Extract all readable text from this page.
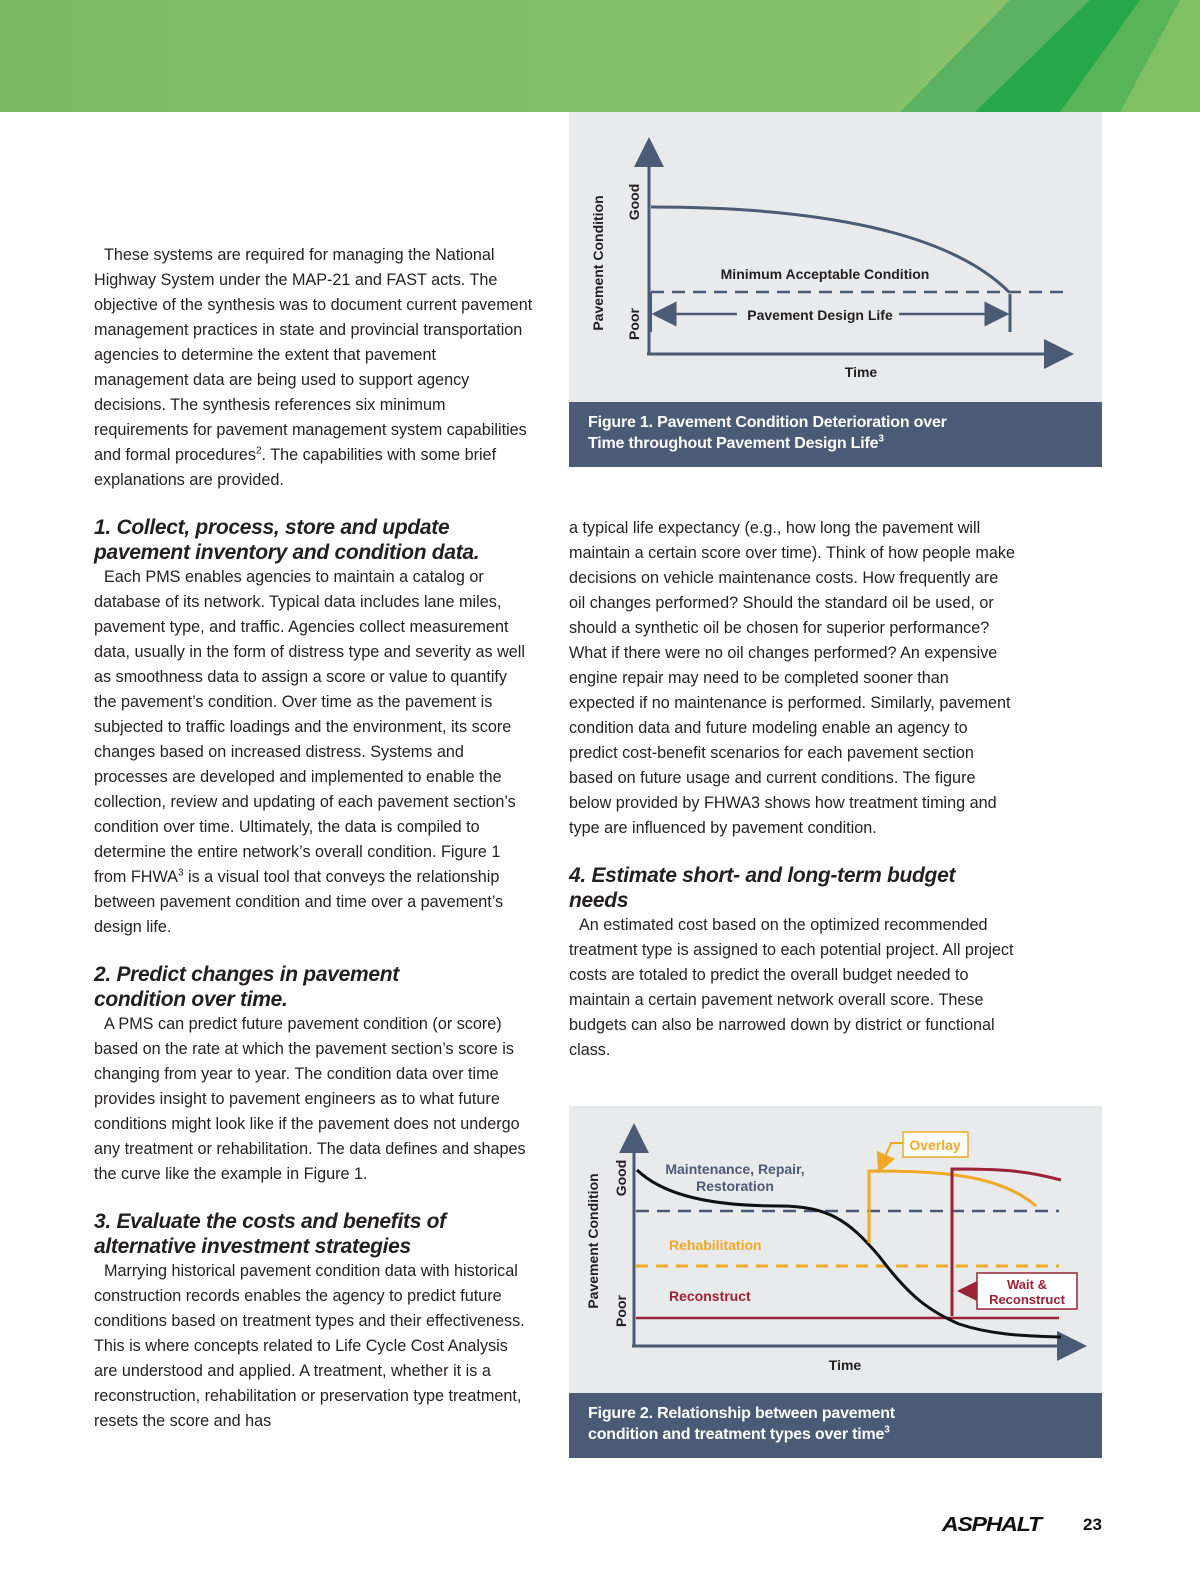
These systems are required for managing the National Highway System under the MAP-21 and FAST acts. The objective of the synthesis was to document current pavement management practices in state and provincial transportation agencies to determine the extent that pavement management data are being used to support agency decisions. The synthesis references six minimum requirements for pavement management system capabilities and formal procedures$^2$. The capabilities with some brief explanations are provided.

1. Collect, process, store and update
pavement inventory and condition data.

Each PMS enables agencies to maintain a catalog or database of its network. Typical data includes lane miles, pavement type, and traffic. Agencies collect measurement data, usually in the form of distress type and severity as well as smoothness data to assign a score or value to quantify the pavement’s condition. Over time as the pavement is subjected to traffic loadings and the environment, its score changes based on increased distress. Systems and processes are developed and implemented to enable the collection, review and updating of each pavement section’s condition over time. Ultimately, the data is compiled to determine the entire network’s overall condition. Figure 1 from FHWA$^3$ is a visual tool that conveys the relationship between pavement condition and time over a pavement’s design life.

2. Predict changes in pavement
condition over time.

A PMS can predict future pavement condition (or score) based on the rate at which the pavement section’s score is changing from year to year. The condition data over time provides insight to pavement engineers as to what future conditions might look like if the pavement does not undergo any treatment or rehabilitation. The data defines and shapes the curve like the example in Figure 1.

3. Evaluate the costs and benefits of
alternative investment strategies

Marrying historical pavement condition data with historical construction records enables the agency to predict future conditions based on treatment types and their effectiveness. This is where concepts related to Life Cycle Cost Analysis are understood and applied. A treatment, whether it is a reconstruction, rehabilitation or preservation type treatment, resets the score and has

a typical life expectancy (e.g., how long the pavement will maintain a certain score over time). Think of how people make decisions on vehicle maintenance costs. How frequently are oil changes performed? Should the standard oil be used, or should a synthetic oil be chosen for superior performance? What if there were no oil changes performed? An expensive engine repair may need to be completed sooner than expected if no maintenance is performed. Similarly, pavement condition data and future modeling enable an agency to predict cost-benefit scenarios for each pavement section based on future usage and current conditions. The figure below provided by FHWA3 shows how treatment timing and type are influenced by pavement condition.

4. Estimate short- and long-term budget needs

An estimated cost based on the optimized recommended treatment type is assigned to each potential project. All project costs are totaled to predict the overall budget needed to maintain a certain pavement network overall score. These budgets can also be narrowed down by district or functional class.

Minimum Acceptable Condition
Pavement Design Life
Time
Pavement Condition Good
Poor
Figure 1. Pavement Condition Deterioration over
Time throughout Pavement Design Life$^3$
Overlay
Wait &
Reconstruct
Maintenance, Repair,
Restoration
Rehabilitation
Reconstruct
Time
Pavement Condition Good
Poor
Figure 2. Relationship between pavement
condition and treatment types over time$^3$
ASPHALT 23
